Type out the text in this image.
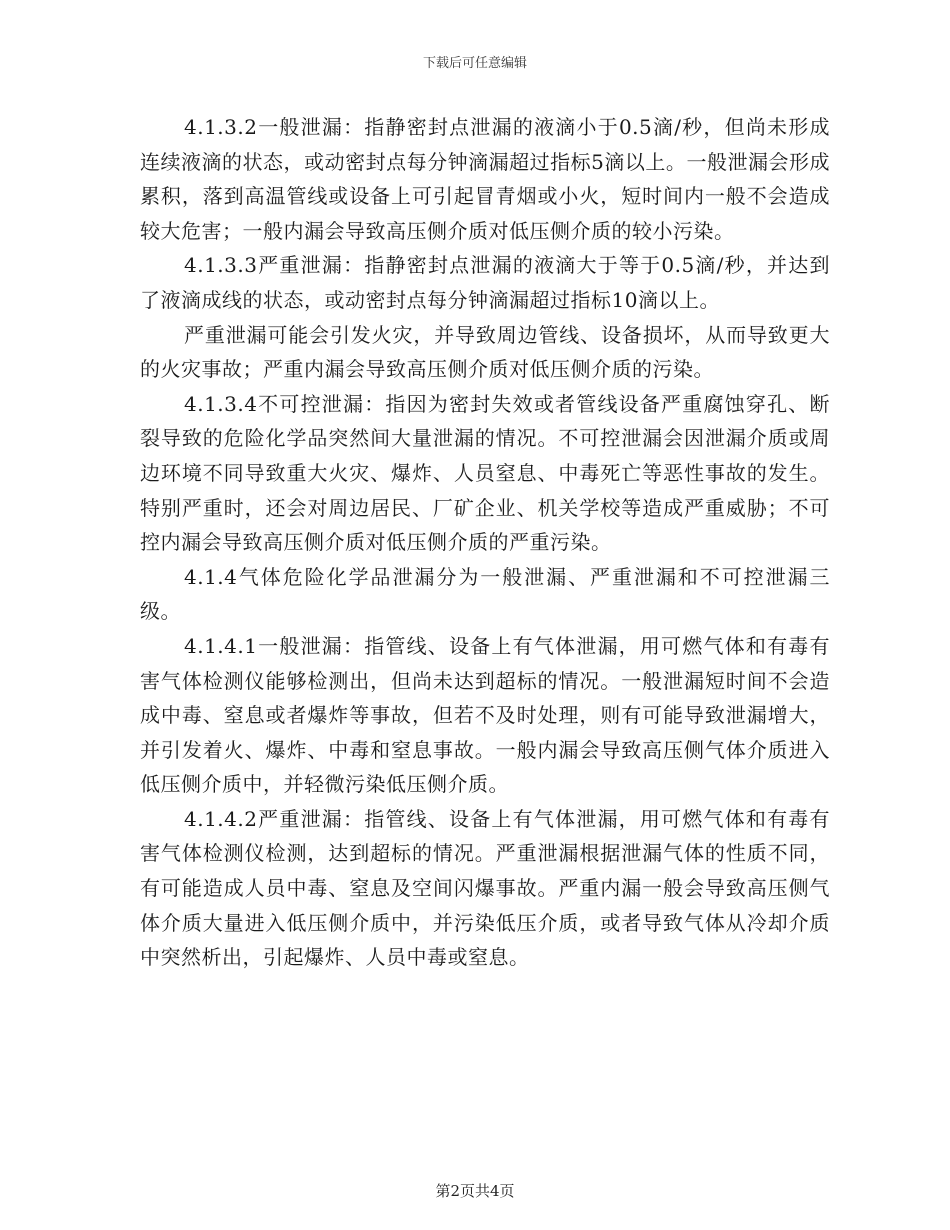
下载后可任意编辑

4.1.3.2一般泄漏：指静密封点泄漏的液滴小于0.5滴/秒，但尚未形成连续液滴的状态，或动密封点每分钟滴漏超过指标5滴以上。一般泄漏会形成累积，落到高温管线或设备上可引起冒青烟或小火，短时间内一般不会造成较大危害；一般内漏会导致高压侧介质对低压侧介质的较小污染。

4.1.3.3严重泄漏：指静密封点泄漏的液滴大于等于0.5滴/秒，并达到了液滴成线的状态，或动密封点每分钟滴漏超过指标10滴以上。

严重泄漏可能会引发火灾，并导致周边管线、设备损坏，从而导致更大的火灾事故；严重内漏会导致高压侧介质对低压侧介质的污染。

4.1.3.4不可控泄漏：指因为密封失效或者管线设备严重腐蚀穿孔、断裂导致的危险化学品突然间大量泄漏的情况。不可控泄漏会因泄漏介质或周边环境不同导致重大火灾、爆炸、人员窒息、中毒死亡等恶性事故的发生。特别严重时，还会对周边居民、厂矿企业、机关学校等造成严重威胁；不可控内漏会导致高压侧介质对低压侧介质的严重污染。

4.1.4气体危险化学品泄漏分为一般泄漏、严重泄漏和不可控泄漏三级。

4.1.4.1一般泄漏：指管线、设备上有气体泄漏，用可燃气体和有毒有害气体检测仪能够检测出，但尚未达到超标的情况。一般泄漏短时间不会造成中毒、窒息或者爆炸等事故，但若不及时处理，则有可能导致泄漏增大，并引发着火、爆炸、中毒和窒息事故。一般内漏会导致高压侧气体介质进入低压侧介质中，并轻微污染低压侧介质。

4.1.4.2严重泄漏：指管线、设备上有气体泄漏，用可燃气体和有毒有害气体检测仪检测，达到超标的情况。严重泄漏根据泄漏气体的性质不同，有可能造成人员中毒、窒息及空间闪爆事故。严重内漏一般会导致高压侧气体介质大量进入低压侧介质中，并污染低压介质，或者导致气体从冷却介质中突然析出，引起爆炸、人员中毒或窒息。

第2页共4页
